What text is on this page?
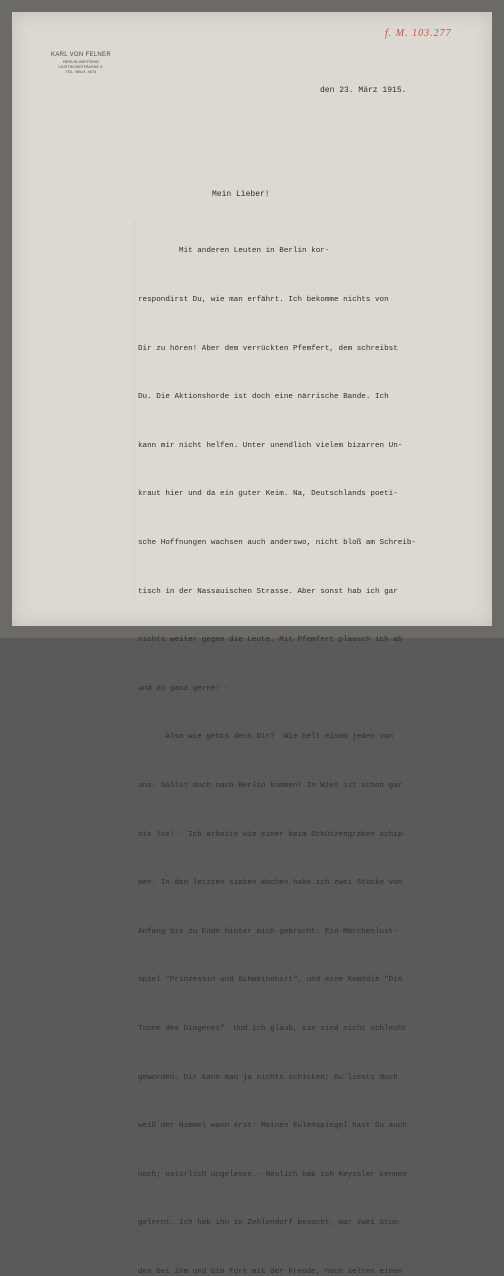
KARL VON FELNER
BERLIN-WESTEND
LEISTIKOWSTRASSE 2.
TEL. WILH. 4074
f. M. 103.277
den 23. März 1915.
Mein Lieber!

Mit anderen Leuten in Berlin kor-

respondirst Du, wie man erfährt. Ich bekomme nichts von

Dir zu hören! Aber dem verrückten Pfemfert, dem schreibst

Du. Die Aktionshorde ist doch eine närrische Bande. Ich

kann mir nicht helfen. Unter unendlich vielem bizarren Un-

kraut hier und da ein guter Keim. Na, Deutschlands poeti-

sche Hoffnungen wachsen auch anderswo, nicht bloß am Schreib-

tisch in der Nassauischen Strasse. Aber sonst hab ich gar

nichts weiter gegen die Leute. Mit Pfemfert plausch ich ab

und zu ganz gerne! -

Also wie gehts denn Dir?  Wie helt einem jeden von

uns. Sollst doch nach Berlin kommen! In Wien ist schon gar

nix los! - Ich arbeite wie einer beim Schützengraben schip-

pen. In den letzten sieben Wochen habe ich zwei Stücke von

Anfang bis zu Ende hinter mich gebracht: Ein Märchenlust-

spiel "Prinzessin und Schweinehirt", und eine Komödie "Die

Tonne des Diogenes". Und ich glaub, sie sind nicht schlecht

geworden. Dir kann man ja nichts schicken; Du liests doch

weiß der Himmel wann erst! Meinen Eulenspiegel hast Du auch

noch; natürlich ungelesen.- Neulich hab ich Keyssler kennen

gelernt. Ich hab ihn in Zehlendorf besucht, war zwei Stun-

den bei ihm und bin fort mit der Freude, noch selten einen
